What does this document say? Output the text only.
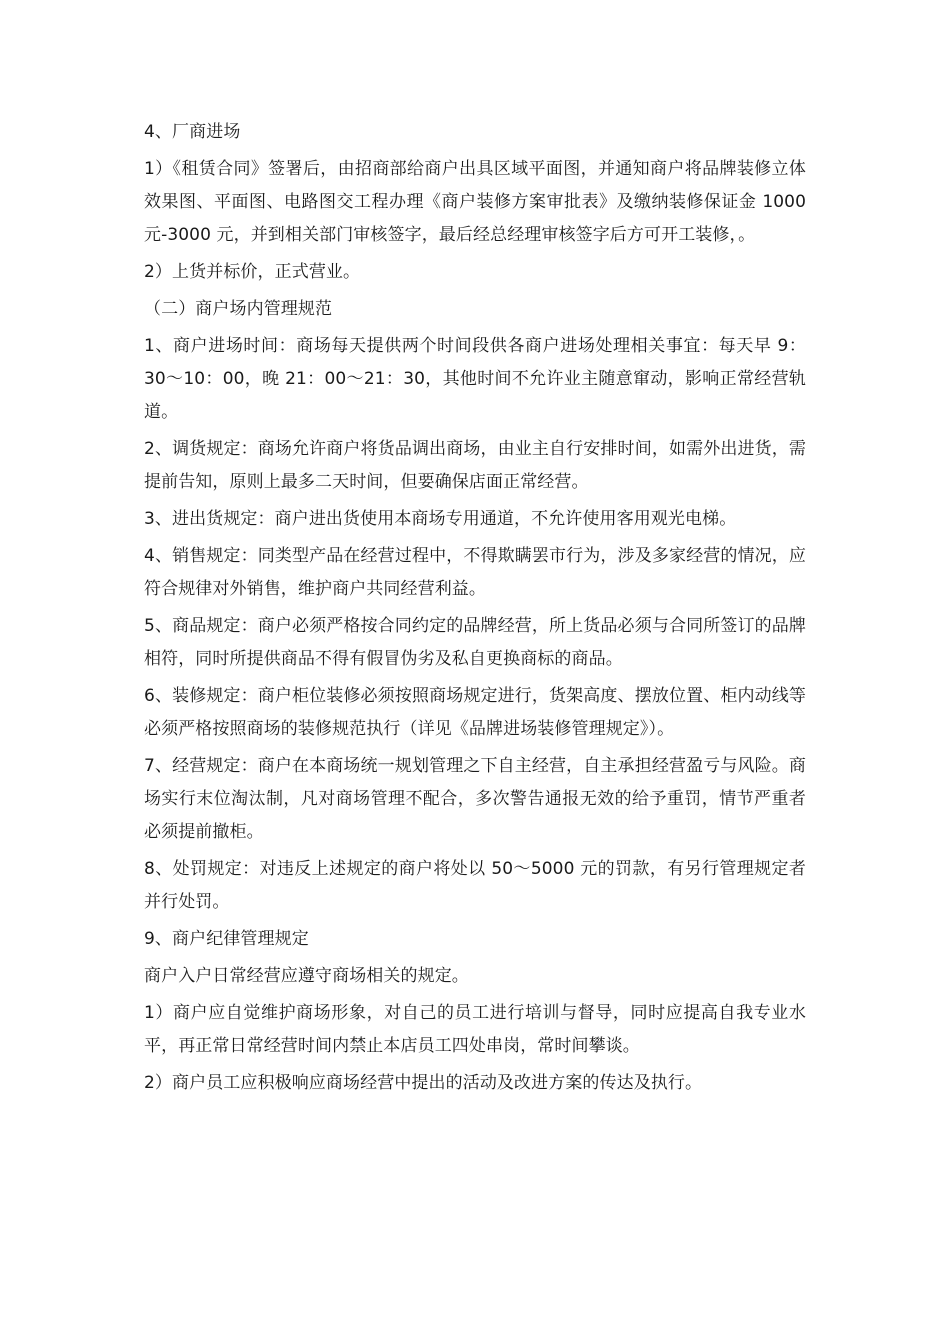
4、厂商进场

1）《租赁合同》签署后，由招商部给商户出具区域平面图，并通知商户将品牌装修立体效果图、平面图、电路图交工程办理《商户装修方案审批表》及缴纳装修保证金 1000 元-3000 元，并到相关部门审核签字，最后经总经理审核签字后方可开工装修，。

2）上货并标价，正式营业。

（二）商户场内管理规范

1、商户进场时间：商场每天提供两个时间段供各商户进场处理相关事宜：每天早 9：30～10：00，晚 21：00～21：30，其他时间不允许业主随意窜动，影响正常经营轨道。

2、调货规定：商场允许商户将货品调出商场，由业主自行安排时间，如需外出进货，需提前告知，原则上最多二天时间，但要确保店面正常经营。

3、进出货规定：商户进出货使用本商场专用通道，不允许使用客用观光电梯。

4、销售规定：同类型产品在经营过程中，不得欺瞒罢市行为，涉及多家经营的情况，应符合规律对外销售，维护商户共同经营利益。

5、商品规定：商户必须严格按合同约定的品牌经营，所上货品必须与合同所签订的品牌相符，同时所提供商品不得有假冒伪劣及私自更换商标的商品。

6、装修规定：商户柜位装修必须按照商场规定进行，货架高度、摆放位置、柜内动线等必须严格按照商场的装修规范执行（详见《品牌进场装修管理规定》）。

7、经营规定：商户在本商场统一规划管理之下自主经营，自主承担经营盈亏与风险。商场实行末位淘汰制，凡对商场管理不配合，多次警告通报无效的给予重罚，情节严重者必须提前撤柜。

8、处罚规定：对违反上述规定的商户将处以 50～5000 元的罚款，有另行管理规定者并行处罚。

9、商户纪律管理规定

商户入户日常经营应遵守商场相关的规定。

1）商户应自觉维护商场形象，对自己的员工进行培训与督导，同时应提高自我专业水平，再正常日常经营时间内禁止本店员工四处串岗，常时间攀谈。

2）商户员工应积极响应商场经营中提出的活动及改进方案的传达及执行。
